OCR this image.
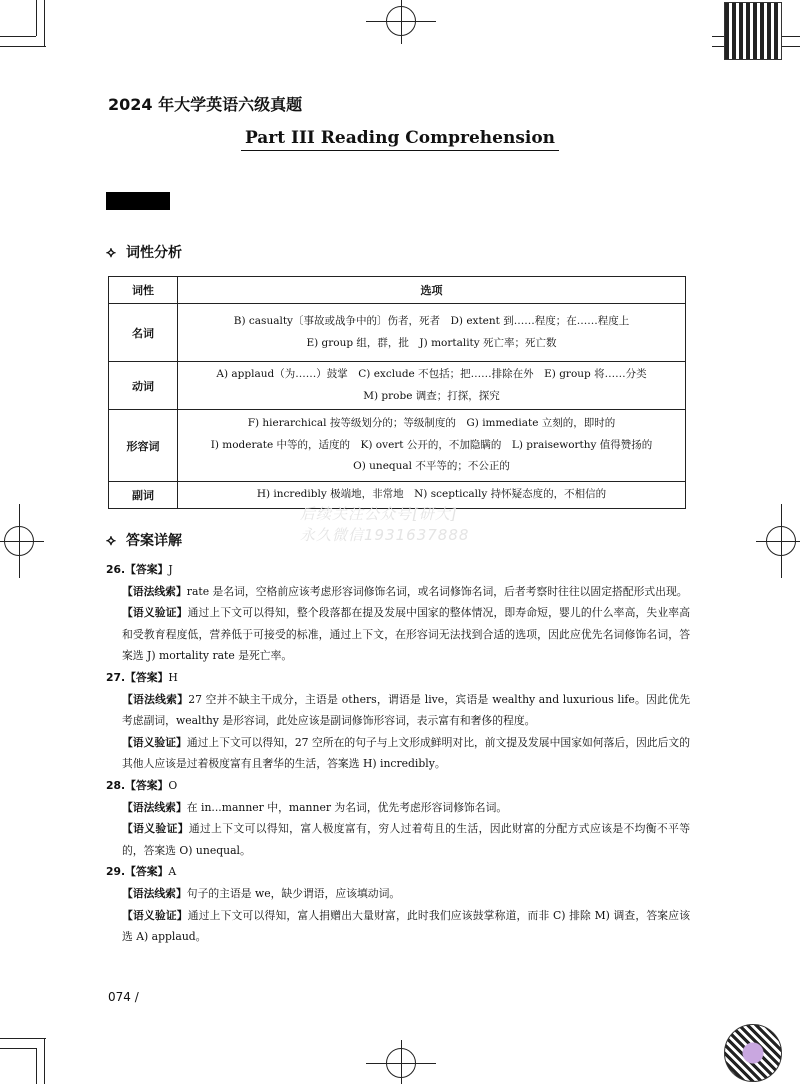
2024 年大学英语六级真题
Part III Reading Comprehension
⟡ 词性分析
词性	选项
名词	B) casualty〔事故或战争中的〕伤者，死者　D) extent 到……程度；在……程度上
E) group 组，群，批　J) mortality 死亡率；死亡数

动词	A) applaud（为……）鼓掌　C) exclude 不包括；把……排除在外　E) group 将……分类
M) probe 调查；打探，探究

形容词	F) hierarchical 按等级划分的；等级制度的　G) immediate 立刻的，即时的
I) moderate 中等的，适度的　K) overt 公开的，不加隐瞒的　L) praiseworthy 值得赞扬的
O) unequal 不平等的；不公正的

副词	H) incredibly 极端地，非常地　N) sceptically 持怀疑态度的，不相信的
后续关注公众号[研大]
永久微信1931637888
⟡ 答案详解
26.【答案】J
【语法线索】rate 是名词，空格前应该考虑形容词修饰名词，或名词修饰名词，后者考察时往往以固定搭配形式出现。
【语义验证】通过上下文可以得知，整个段落都在提及发展中国家的整体情况，即寿命短，婴儿的什么率高，失业率高和受教育程度低，营养低于可接受的标准，通过上下文，在形容词无法找到合适的选项，因此应优先名词修饰名词，答案选 J) mortality rate 是死亡率。
27.【答案】H
【语法线索】27 空并不缺主干成分，主语是 others，谓语是 live，宾语是 wealthy and luxurious life。因此优先考虑副词，wealthy 是形容词，此处应该是副词修饰形容词，表示富有和奢侈的程度。
【语义验证】通过上下文可以得知，27 空所在的句子与上文形成鲜明对比，前文提及发展中国家如何落后，因此后文的其他人应该是过着极度富有且奢华的生活，答案选 H) incredibly。
28.【答案】O
【语法线索】在 in...manner 中，manner 为名词，优先考虑形容词修饰名词。
【语义验证】通过上下文可以得知，富人极度富有，穷人过着苟且的生活，因此财富的分配方式应该是不均衡不平等的，答案选 O) unequal。
29.【答案】A
【语法线索】句子的主语是 we，缺少谓语，应该填动词。
【语义验证】通过上下文可以得知，富人捐赠出大量财富，此时我们应该鼓掌称道，而非 C) 排除 M) 调查，答案应该选 A) applaud。
074 /
